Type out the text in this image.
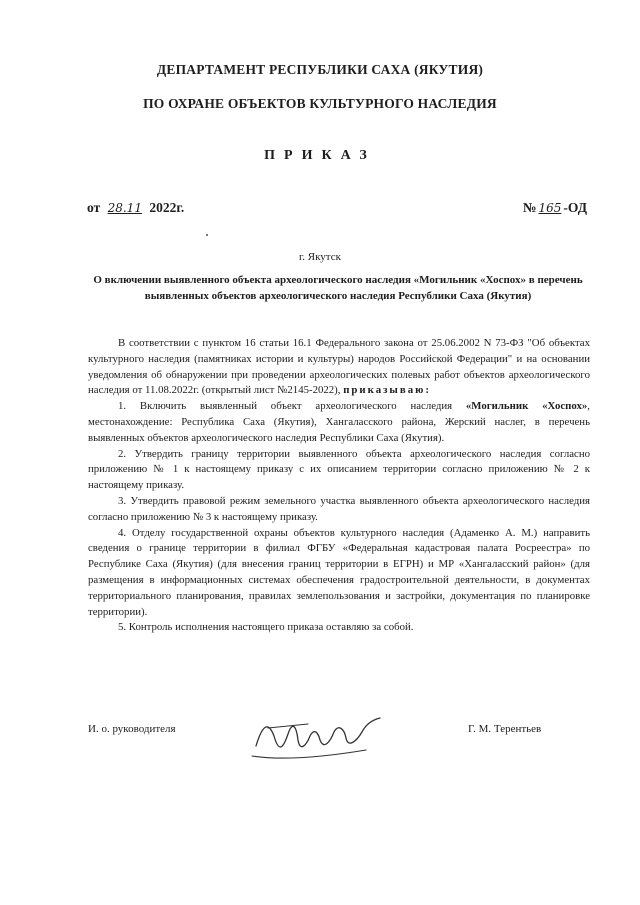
ДЕПАРТАМЕНТ РЕСПУБЛИКИ САХА (ЯКУТИЯ)
ПО ОХРАНЕ ОБЪЕКТОВ КУЛЬТУРНОГО НАСЛЕДИЯ
ПРИКАЗ
от 28.11 2022г.	№ 165 -ОД
г. Якутск
О включении выявленного объекта археологического наследия «Могильник «Хоспох» в перечень выявленных объектов археологического наследия Республики Саха (Якутия)

В соответствии с пунктом 16 статьи 16.1 Федерального закона от 25.06.2002 N 73-ФЗ "Об объектах культурного наследия (памятниках истории и культуры) народов Российской Федерации" и на основании уведомления об обнаружении при проведении археологических полевых работ объектов археологического наследия от 11.08.2022г. (открытый лист №2145-2022), приказываю:

1. Включить выявленный объект археологического наследия «Могильник «Хоспох», местонахождение: Республика Саха (Якутия), Хангаласского района, Жерский наслег, в перечень выявленных объектов археологического наследия Республики Саха (Якутия).

2. Утвердить границу территории выявленного объекта археологического наследия согласно приложению № 1 к настоящему приказу с их описанием территории согласно приложению № 2 к настоящему приказу.

3. Утвердить правовой режим земельного участка выявленного объекта археологического наследия согласно приложению № 3 к настоящему приказу.

4. Отделу государственной охраны объектов культурного наследия (Адаменко А. М.) направить сведения о границе территории в филиал ФГБУ «Федеральная кадастровая палата Росреестра» по Республике Саха (Якутия) (для внесения границ территории в ЕГРН) и МР «Хангаласский район» (для размещения в информационных системах обеспечения градостроительной деятельности, в документах территориального планирования, правилах землепользования и застройки, документация по планировке территории).

5. Контроль исполнения настоящего приказа оставляю за собой.

И. о. руководителя	Г. М. Терентьев
